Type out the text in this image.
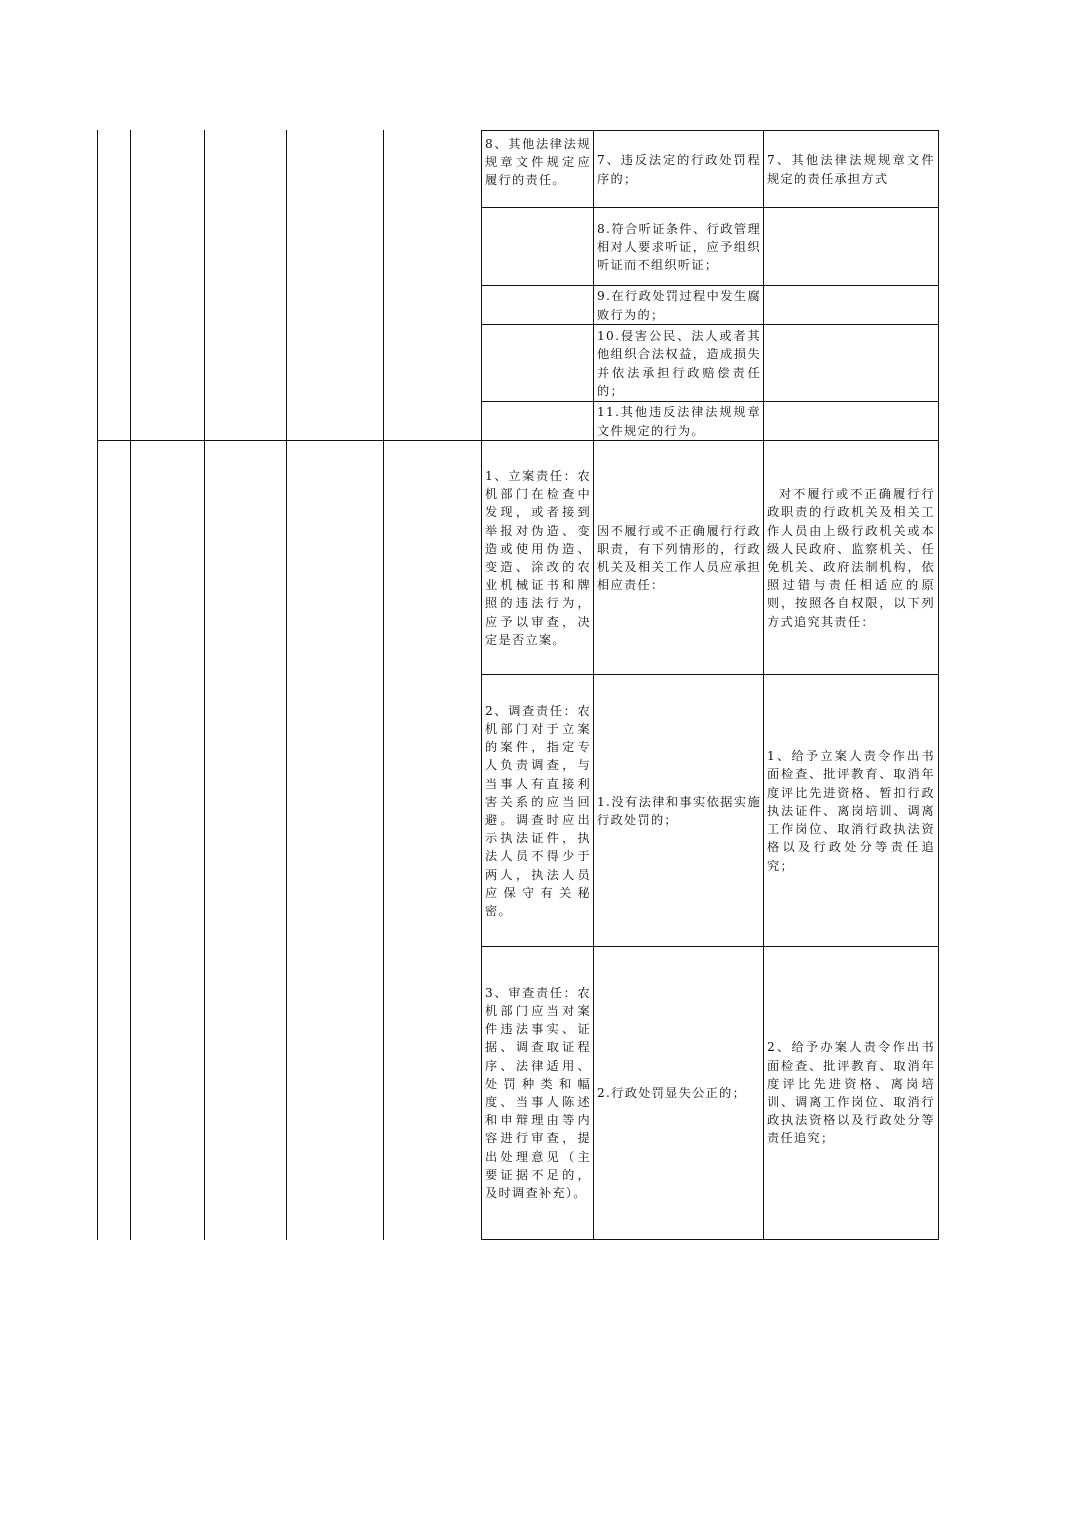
8、其他法律法规规章文件规定应履行的责任。
7、违反法定的行政处罚程序的；
7、其他法律法规规章文件规定的责任承担方式
8.符合听证条件、行政管理相对人要求听证，应予组织听证而不组织听证；
9.在行政处罚过程中发生腐败行为的；
10.侵害公民、法人或者其他组织合法权益，造成损失并依法承担行政赔偿责任的；
11.其他违反法律法规规章文件规定的行为。
1、立案责任：农机部门在检查中发现，或者接到举报对伪造、变造或使用伪造、变造、涂改的农业机械证书和牌照的违法行为，应予以审查，决定是否立案。
因不履行或不正确履行行政职责，有下列情形的，行政机关及相关工作人员应承担相应责任：
对不履行或不正确履行行政职责的行政机关及相关工作人员由上级行政机关或本级人民政府、监察机关、任免机关、政府法制机构，依照过错与责任相适应的原则，按照各自权限，以下列方式追究其责任：
2、调查责任：农机部门对于立案的案件，指定专人负责调查，与当事人有直接利害关系的应当回避。调查时应出示执法证件，执法人员不得少于两人，执法人员应保守有关秘密。
1.没有法律和事实依据实施行政处罚的；
1、给予立案人责令作出书面检查、批评教育、取消年度评比先进资格、暂扣行政执法证件、离岗培训、调离工作岗位、取消行政执法资格以及行政处分等责任追究；
3、审查责任：农机部门应当对案件违法事实、证据、调查取证程序、法律适用、处罚种类和幅度、当事人陈述和申辩理由等内容进行审查，提出处理意见（主要证据不足的，及时调查补充）。
2.行政处罚显失公正的；
2、给予办案人责令作出书面检查、批评教育、取消年度评比先进资格、离岗培训、调离工作岗位、取消行政执法资格以及行政处分等责任追究；
